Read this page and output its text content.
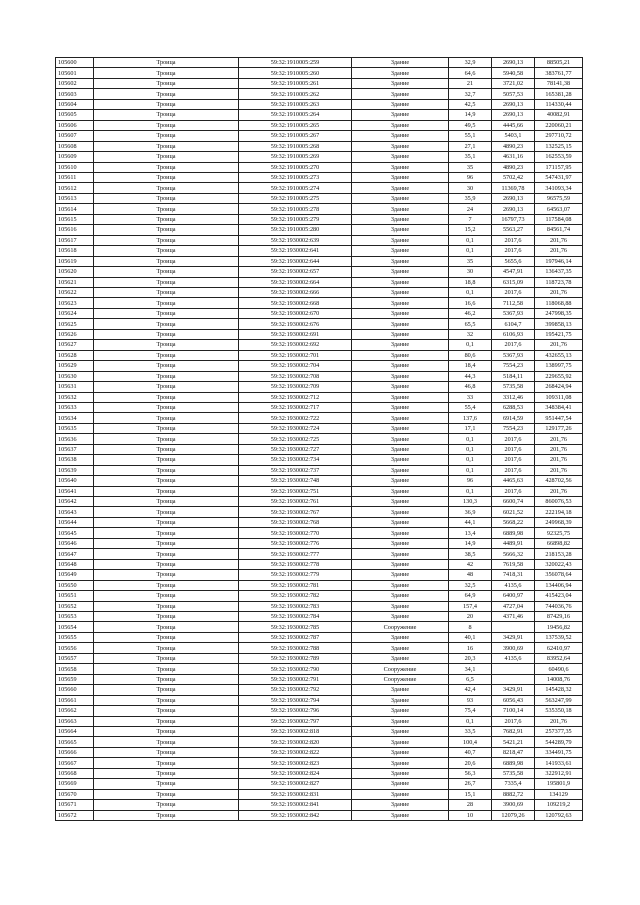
105600	Троица	59:32:1910005:259	Здание	32,9	2690,13	88505,21
105601	Троица	59:32:1910005:260	Здание	64,6	5940,58	383761,77
105602	Троица	59:32:1910005:261	Здание	21	3721,02	78141,38
105603	Троица	59:32:1910005:262	Здание	32,7	5057,53	165381,28
105604	Троица	59:32:1910005:263	Здание	42,5	2690,13	114330,44
105605	Троица	59:32:1910005:264	Здание	14,9	2690,13	40082,91
105606	Троица	59:32:1910005:265	Здание	49,5	4445,66	220060,21
105607	Троица	59:32:1910005:267	Здание	55,1	5403,1	297710,72
105608	Троица	59:32:1910005:268	Здание	27,1	4890,23	132525,15
105609	Троица	59:32:1910005:269	Здание	35,1	4631,16	162553,59
105610	Троица	59:32:1910005:270	Здание	35	4890,23	171157,95
105611	Троица	59:32:1910005:273	Здание	96	5702,42	547431,97
105612	Троица	59:32:1910005:274	Здание	30	11369,78	341093,34
105613	Троица	59:32:1910005:275	Здание	35,9	2690,13	96575,59
105614	Троица	59:32:1910005:278	Здание	24	2690,13	64563,07
105615	Троица	59:32:1910005:279	Здание	7	16797,73	117584,08
105616	Троица	59:32:1910005:280	Здание	15,2	5563,27	84561,74
105617	Троица	59:32:1930002:639	Здание	0,1	2017,6	201,76
105618	Троица	59:32:1930002:641	Здание	0,1	2017,6	201,76
105619	Троица	59:32:1930002:644	Здание	35	5655,6	197946,14
105620	Троица	59:32:1930002:657	Здание	30	4547,91	136437,35
105621	Троица	59:32:1930002:664	Здание	18,8	6315,09	118723,78
105622	Троица	59:32:1930002:666	Здание	0,1	2017,6	201,76
105623	Троица	59:32:1930002:668	Здание	16,6	7112,58	118068,88
105624	Троица	59:32:1930002:670	Здание	46,2	5367,93	247998,35
105625	Троица	59:32:1930002:676	Здание	65,5	6104,7	399858,13
105626	Троица	59:32:1930002:691	Здание	32	6106,93	195421,75
105627	Троица	59:32:1930002:692	Здание	0,1	2017,6	201,76
105628	Троица	59:32:1930002:701	Здание	80,6	5367,93	432655,13
105629	Троица	59:32:1930002:704	Здание	18,4	7554,23	138997,75
105630	Троица	59:32:1930002:708	Здание	44,3	5184,11	229655,92
105631	Троица	59:32:1930002:709	Здание	46,8	5735,58	268424,94
105632	Троица	59:32:1930002:712	Здание	33	3312,46	109311,08
105633	Троица	59:32:1930002:717	Здание	55,4	6288,53	348384,41
105634	Троица	59:32:1930002:722	Здание	137,6	6914,59	951447,54
105635	Троица	59:32:1930002:724	Здание	17,1	7554,23	129177,26
105636	Троица	59:32:1930002:725	Здание	0,1	2017,6	201,76
105637	Троица	59:32:1930002:727	Здание	0,1	2017,6	201,76
105638	Троица	59:32:1930002:734	Здание	0,1	2017,6	201,76
105639	Троица	59:32:1930002:737	Здание	0,1	2017,6	201,76
105640	Троица	59:32:1930002:748	Здание	96	4465,63	428702,56
105641	Троица	59:32:1930002:751	Здание	0,1	2017,6	201,76
105642	Троица	59:32:1930002:761	Здание	130,3	6600,74	860076,53
105643	Троица	59:32:1930002:767	Здание	36,9	6021,52	222194,18
105644	Троица	59:32:1930002:768	Здание	44,1	5668,22	249968,39
105645	Троица	59:32:1930002:770	Здание	13,4	6889,98	92325,75
105646	Троица	59:32:1930002:776	Здание	14,9	4489,91	66898,82
105647	Троица	59:32:1930002:777	Здание	38,5	5666,32	218153,28
105648	Троица	59:32:1930002:778	Здание	42	7619,58	320022,43
105649	Троица	59:32:1930002:779	Здание	48	7418,31	356078,64
105650	Троица	59:32:1930002:781	Здание	32,5	4135,6	134406,94
105651	Троица	59:32:1930002:782	Здание	64,9	6400,97	415423,04
105652	Троица	59:32:1930002:783	Здание	157,4	4727,04	744036,76
105653	Троица	59:32:1930002:784	Здание	20	4371,46	87429,16
105654	Троица	59:32:1930002:785	Сооружение	8		19456,82
105655	Троица	59:32:1930002:787	Здание	40,1	3429,91	137539,52
105656	Троица	59:32:1930002:788	Здание	16	3900,69	62410,97
105657	Троица	59:32:1930002:789	Здание	20,3	4135,6	83952,64
105658	Троица	59:32:1930002:790	Сооружение	34,1		60490,6
105659	Троица	59:32:1930002:791	Сооружение	6,5		14008,76
105660	Троица	59:32:1930002:792	Здание	42,4	3429,91	145428,32
105661	Троица	59:32:1930002:794	Здание	93	6056,43	563247,99
105662	Троица	59:32:1930002:796	Здание	75,4	7100,14	535350,18
105663	Троица	59:32:1930002:797	Здание	0,1	2017,6	201,76
105664	Троица	59:32:1930002:818	Здание	33,5	7682,91	257377,35
105665	Троица	59:32:1930002:820	Здание	100,4	5421,21	544289,79
105666	Троица	59:32:1930002:822	Здание	40,7	8218,47	334491,75
105667	Троица	59:32:1930002:823	Здание	20,6	6889,98	141933,61
105668	Троица	59:32:1930002:824	Здание	56,3	5735,58	322912,91
105669	Троица	59:32:1930002:827	Здание	26,7	7335,4	195801,9
105670	Троица	59:32:1930002:831	Здание	15,1	8882,72	134129
105671	Троица	59:32:1930002:841	Здание	28	3900,69	109219,2
105672	Троица	59:32:1930002:842	Здание	10	12079,26	120792,63
